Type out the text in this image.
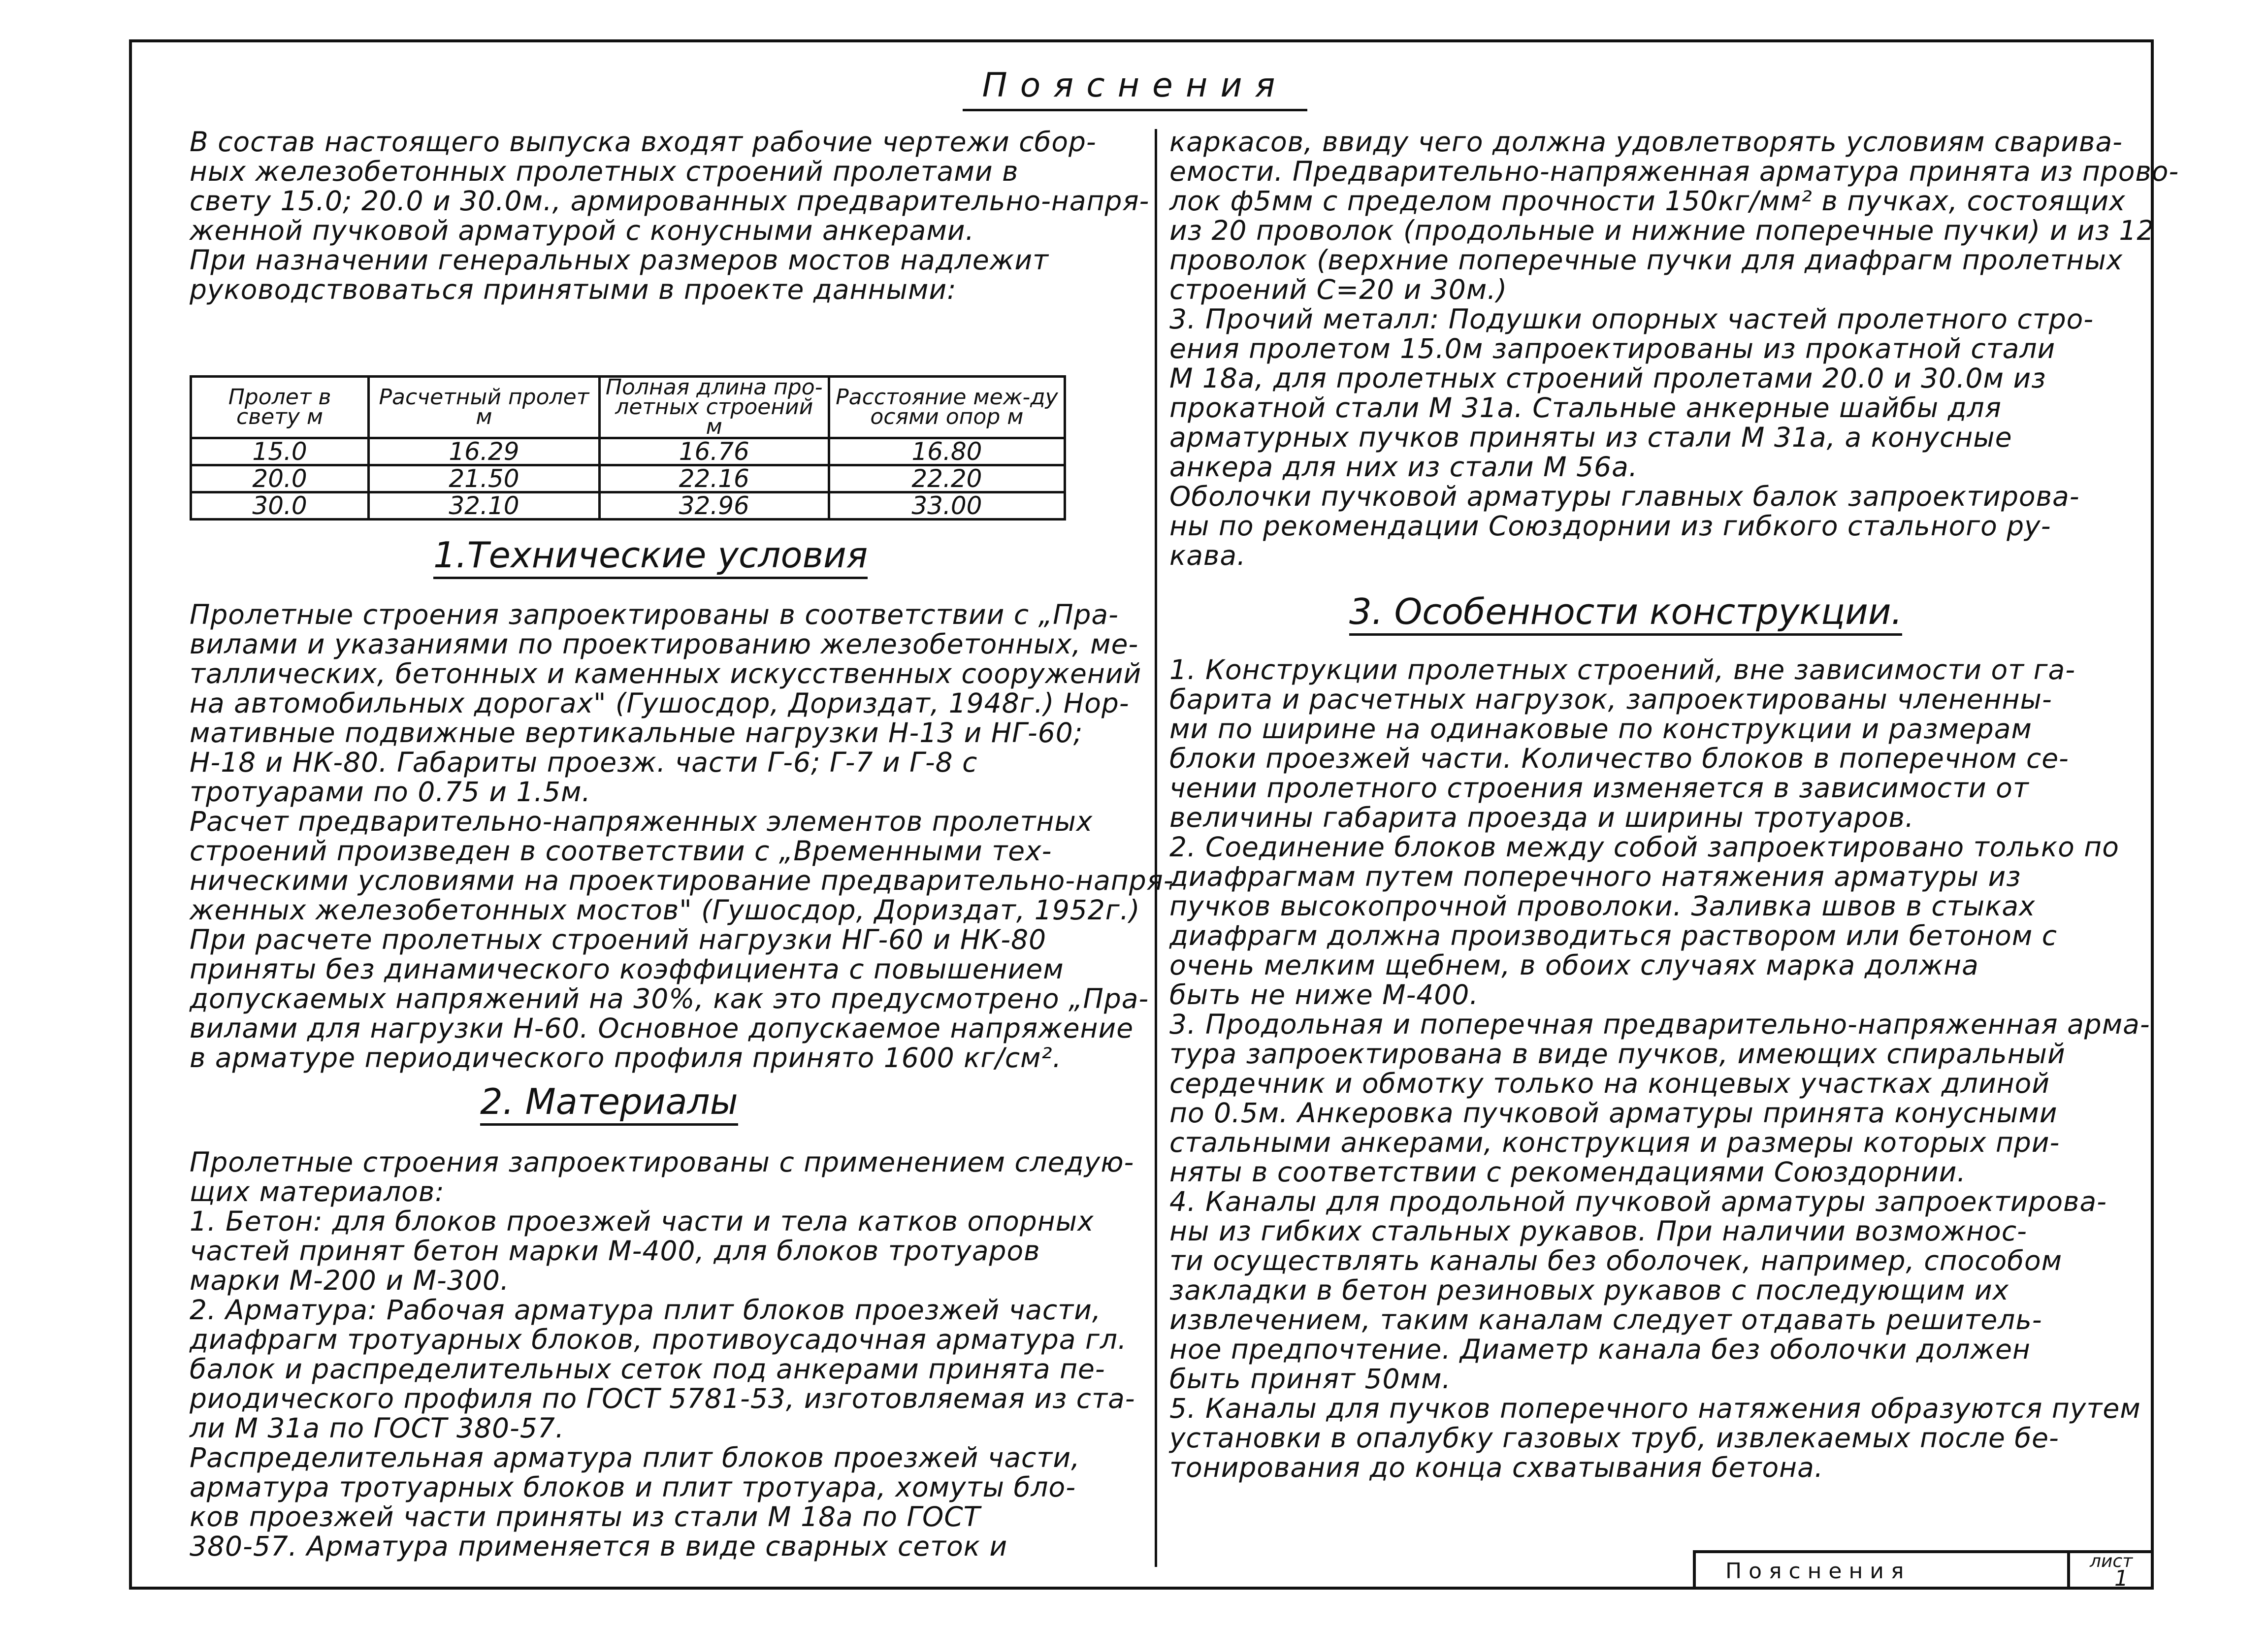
Пояснения

В состав настоящего выпуска входят рабочие чертежи сбор-

ных железобетонных пролетных строений пролетами в

свету 15.0; 20.0 и 30.0м., армированных предварительно-напря-

женной пучковой арматурой с конусными анкерами.

При назначении генеральных размеров мостов надлежит

руководствоваться принятыми в проекте данными:

Пролет в свету м	Расчетный пролет м	Полная длина про-летных строений м	Расстояние меж-ду осями опор м
15.0	16.29	16.76	16.80
20.0	21.50	22.16	22.20
30.0	32.10	32.96	33.00
1.Технические условия

Пролетные строения запроектированы в соответствии с „Пра-

вилами и указаниями по проектированию железобетонных, ме-

таллических, бетонных и каменных искусственных сооружений

на автомобильных дорогах" (Гушосдор, Дориздат, 1948г.) Нор-

мативные подвижные вертикальные нагрузки Н-13 и НГ-60;

Н-18 и НК-80. Габариты проезж. части Г-6; Г-7 и Г-8 с

тротуарами по 0.75 и 1.5м.

Расчет предварительно-напряженных элементов пролетных

строений произведен в соответствии с „Временными тех-

ническими условиями на проектирование предварительно-напря-

женных железобетонных мостов" (Гушосдор, Дориздат, 1952г.)

При расчете пролетных строений нагрузки НГ-60 и НК-80

приняты без динамического коэффициента с повышением

допускаемых напряжений на 30%, как это предусмотрено „Пра-

вилами для нагрузки Н-60. Основное допускаемое напряжение

в арматуре периодического профиля принято 1600 кг/см².

2. Материалы

Пролетные строения запроектированы с применением следую-

щих материалов:

1. Бетон: для блоков проезжей части и тела катков опорных

частей принят бетон марки М-400, для блоков тротуаров

марки М-200 и М-300.

2. Арматура: Рабочая арматура плит блоков проезжей части,

диафрагм тротуарных блоков, противоусадочная арматура гл.

балок и распределительных сеток под анкерами принята пе-

риодического профиля по ГОСТ 5781-53, изготовляемая из ста-

ли М 31а по ГОСТ 380-57.

Распределительная арматура плит блоков проезжей части,

арматура тротуарных блоков и плит тротуара, хомуты бло-

ков проезжей части приняты из стали М 18а по ГОСТ

380-57. Арматура применяется в виде сварных сеток и

каркасов, ввиду чего должна удовлетворять условиям сварива-

емости. Предварительно-напряженная арматура принята из прово-

лок ф5мм с пределом прочности 150кг/мм² в пучках, состоящих

из 20 проволок (продольные и нижние поперечные пучки) и из 12

проволок (верхние поперечные пучки для диафрагм пролетных

строений С=20 и 30м.)

3. Прочий металл: Подушки опорных частей пролетного стро-

ения пролетом 15.0м запроектированы из прокатной стали

М 18а, для пролетных строений пролетами 20.0 и 30.0м из

прокатной стали М 31а. Стальные анкерные шайбы для

арматурных пучков приняты из стали М 31а, а конусные

анкера для них из стали М 56а.

Оболочки пучковой арматуры главных балок запроектирова-

ны по рекомендации Союздорнии из гибкого стального ру-

кава.

3. Особенности конструкции.

1. Конструкции пролетных строений, вне зависимости от га-

барита и расчетных нагрузок, запроектированы члененны-

ми по ширине на одинаковые по конструкции и размерам

блоки проезжей части. Количество блоков в поперечном се-

чении пролетного строения изменяется в зависимости от

величины габарита проезда и ширины тротуаров.

2. Соединение блоков между собой запроектировано только по

диафрагмам путем поперечного натяжения арматуры из

пучков высокопрочной проволоки. Заливка швов в стыках

диафрагм должна производиться раствором или бетоном с

очень мелким щебнем, в обоих случаях марка должна

быть не ниже М-400.

3. Продольная и поперечная предварительно-напряженная арма-

тура запроектирована в виде пучков, имеющих спиральный

сердечник и обмотку только на концевых участках длиной

по 0.5м. Анкеровка пучковой арматуры принята конусными

стальными анкерами, конструкция и размеры которых при-

няты в соответствии с рекомендациями Союздорнии.

4. Каналы для продольной пучковой арматуры запроектирова-

ны из гибких стальных рукавов. При наличии возможнос-

ти осуществлять каналы без оболочек, например, способом

закладки в бетон резиновых рукавов с последующим их

извлечением, таким каналам следует отдавать решитель-

ное предпочтение. Диаметр канала без оболочки должен

быть принят 50мм.

5. Каналы для пучков поперечного натяжения образуются путем

установки в опалубку газовых труб, извлекаемых после бе-

тонирования до конца схватывания бетона.

Пояснения	лист
1
